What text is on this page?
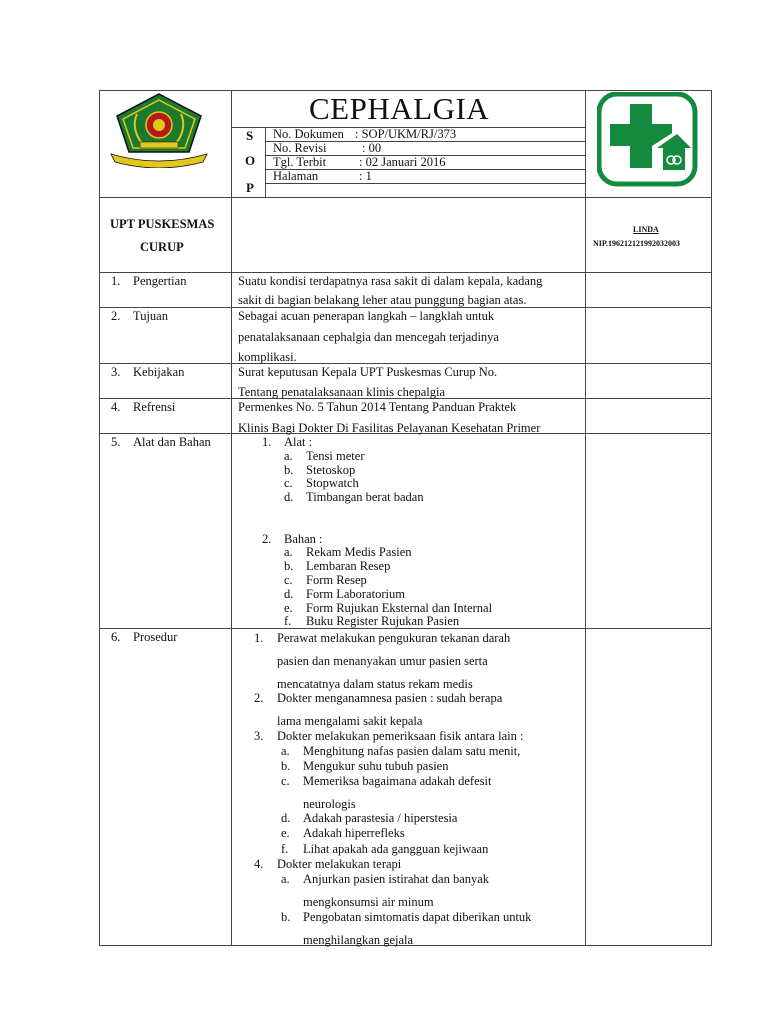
CEPHALGIA
S
O
P
No. Dokumen : SOP/UKM/RJ/373
No. Revisi	: 00
Tgl. Terbit	: 02 Januari 2016
Halaman	: 1
UPT PUSKESMAS
CURUP
LINDA
NIP.196212121992032003
1. Pengertian	Suatu kondisi terdapatnya rasa sakit di dalam kepala, kadang
sakit di bagian belakang leher atau punggung bagian atas.
2. Tujuan	Sebagai acuan penerapan langkah – langklah untuk
penatalaksanaan cephalgia dan mencegah terjadinya
komplikasi.
3. Kebijakan	Surat keputusan Kepala UPT Puskesmas Curup No.
Tentang penatalaksanaan klinis chepalgia
4. Refrensi	Permenkes No. 5 Tahun 2014 Tentang Panduan Praktek
Klinis Bagi Dokter Di Fasilitas Pelayanan Kesehatan Primer
5. Alat dan Bahan	1. Alat :
a. Tensi meter
b. Stetoskop
c. Stopwatch
d. Timbangan berat badan
2. Bahan :
a. Rekam Medis Pasien
b. Lembaran Resep
c. Form Resep
d. Form Laboratorium
e. Form Rujukan Eksternal dan Internal
f. Buku Register Rujukan Pasien
6. Prosedur	1. Perawat melakukan pengukuran tekanan darah
pasien dan menanyakan umur pasien serta
mencatatnya dalam status rekam medis
2. Dokter menganamnesa pasien : sudah berapa
lama mengalami sakit kepala
3. Dokter melakukan pemeriksaan fisik antara lain :
a. Menghitung nafas pasien dalam satu menit,
b. Mengukur suhu tubuh pasien
c. Memeriksa bagaimana adakah defesit
neurologis
d. Adakah parastesia / hiperstesia
e. Adakah hiperrefleks
f. Lihat apakah ada gangguan kejiwaan
4. Dokter melakukan terapi
a. Anjurkan pasien istirahat dan banyak
mengkonsumsi air minum
b. Pengobatan simtomatis dapat diberikan untuk
menghilangkan gejala
